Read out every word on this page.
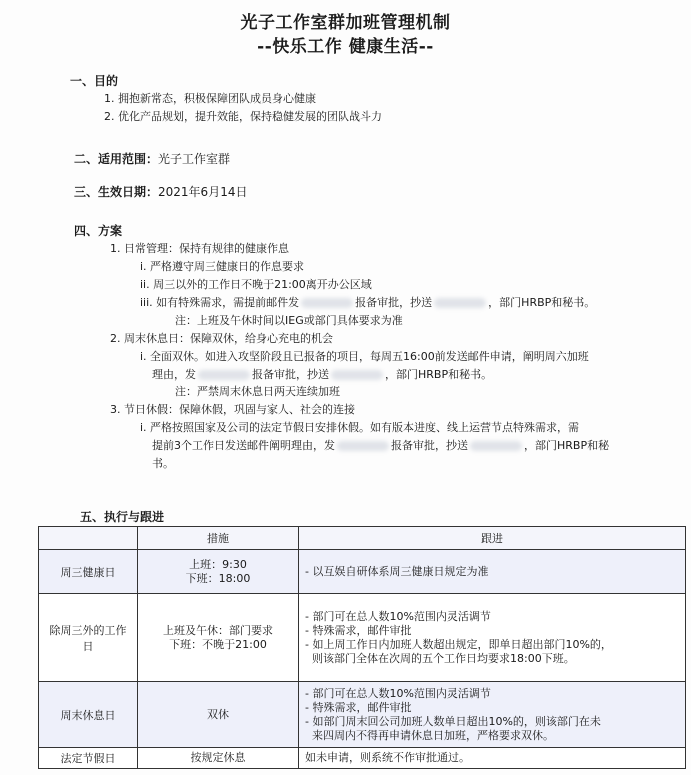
光子工作室群加班管理机制
--快乐工作 健康生活--
一、目的
1. 拥抱新常态，积极保障团队成员身心健康
2. 优化产品规划，提升效能，保持稳健发展的团队战斗力
二、适用范围：光子工作室群
三、生效日期：2021年6月14日
四、方案
1. 日常管理：保持有规律的健康作息
i. 严格遵守周三健康日的作息要求
ii. 周三以外的工作日不晚于21:00离开办公区域
iii. 如有特殊需求，需提前邮件发	报备审批，抄送	，部门HRBP和秘书。
注：上班及午休时间以IEG或部门具体要求为准
2. 周末休息日：保障双休，给身心充电的机会
i. 全面双休。如进入攻坚阶段且已报备的项目，每周五16:00前发送邮件申请，阐明周六加班
理由，发	报备审批，抄送	，部门HRBP和秘书。
注：严禁周末休息日两天连续加班
3. 节日休假：保障休假，巩固与家人、社会的连接
i. 严格按照国家及公司的法定节假日安排休假。如有版本进度、线上运营节点特殊需求，需
提前3个工作日发送邮件阐明理由，发	报备审批，抄送	，部门HRBP和秘
书。
五、执行与跟进
	措施	跟进
周三健康日	上班：9:30
下班：18:00	- 以互娱自研体系周三健康日规定为准

除周三外的工作日	上班及午休：部门要求
下班：不晚于21:00	- 部门可在总人数10%范围内灵活调节
- 特殊需求，邮件审批
- 如上周工作日内加班人数超出规定，即单日超出部门10%的，
则该部门全体在次周的五个工作日均要求18:00下班。

周末休息日	双休	- 部门可在总人数10%范围内灵活调节
- 特殊需求，邮件审批
- 如部门周末回公司加班人数单日超出10%的，则该部门在未
来四周内不得再申请休息日加班，严格要求双休。

法定节假日	按规定休息	如未申请，则系统不作审批通过。
